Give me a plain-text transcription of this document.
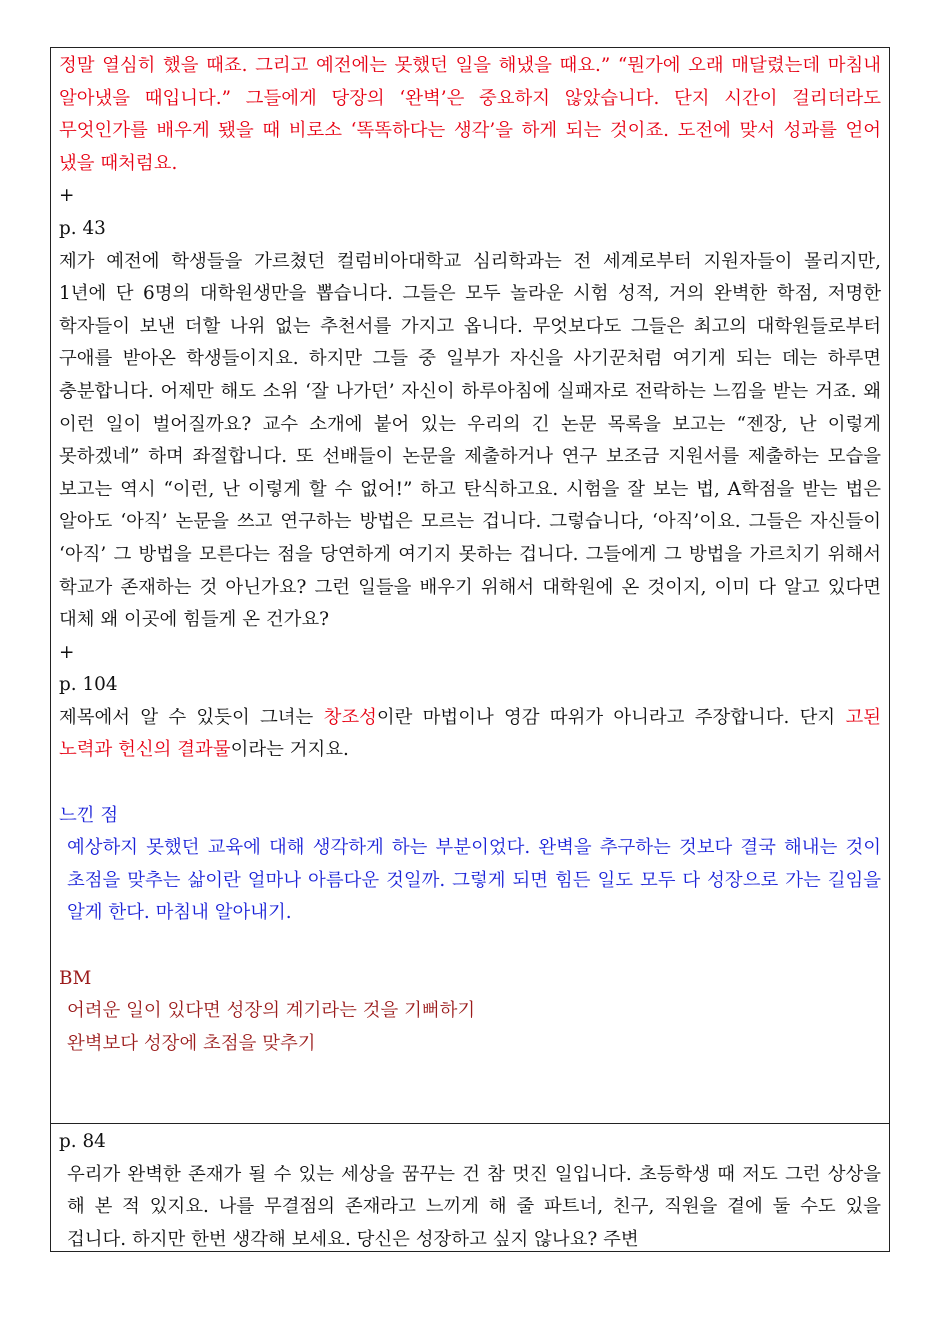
정말 열심히 했을 때죠. 그리고 예전에는 못했던 일을 해냈을 때요.” “뭔가에 오래 매달렸는데 마침내 알아냈을 때입니다.” 그들에게 당장의 ‘완벽’은 중요하지 않았습니다. 단지 시간이 걸리더라도 무엇인가를 배우게 됐을 때 비로소 ‘똑똑하다는 생각’을 하게 되는 것이죠. 도전에 맞서 성과를 얻어 냈을 때처럼요.

+
p. 43

제가 예전에 학생들을 가르쳤던 컬럼비아대학교 심리학과는 전 세계로부터 지원자들이 몰리지만, 1년에 단 6명의 대학원생만을 뽑습니다. 그들은 모두 놀라운 시험 성적, 거의 완벽한 학점, 저명한 학자들이 보낸 더할 나위 없는 추천서를 가지고 옵니다. 무엇보다도 그들은 최고의 대학원들로부터 구애를 받아온 학생들이지요. 하지만 그들 중 일부가 자신을 사기꾼처럼 여기게 되는 데는 하루면 충분합니다. 어제만 해도 소위 ‘잘 나가던’ 자신이 하루아침에 실패자로 전락하는 느낌을 받는 거죠. 왜 이런 일이 벌어질까요? 교수 소개에 붙어 있는 우리의 긴 논문 목록을 보고는 “젠장, 난 이렇게 못하겠네” 하며 좌절합니다. 또 선배들이 논문을 제출하거나 연구 보조금 지원서를 제출하는 모습을 보고는 역시 “이런, 난 이렇게 할 수 없어!” 하고 탄식하고요. 시험을 잘 보는 법, A학점을 받는 법은 알아도 ‘아직’ 논문을 쓰고 연구하는 방법은 모르는 겁니다. 그렇습니다, ‘아직’이요. 그들은 자신들이 ‘아직’ 그 방법을 모른다는 점을 당연하게 여기지 못하는 겁니다. 그들에게 그 방법을 가르치기 위해서 학교가 존재하는 것 아닌가요? 그런 일들을 배우기 위해서 대학원에 온 것이지, 이미 다 알고 있다면 대체 왜 이곳에 힘들게 온 건가요?

+
p. 104

제목에서 알 수 있듯이 그녀는 창조성이란 마법이나 영감 따위가 아니라고 주장합니다. 단지 고된 노력과 헌신의 결과물이라는 거지요.

느낀 점

예상하지 못했던 교육에 대해 생각하게 하는 부분이었다. 완벽을 추구하는 것보다 결국 해내는 것이 초점을 맞추는 삶이란 얼마나 아름다운 것일까. 그렇게 되면 힘든 일도 모두 다 성장으로 가는 길임을 알게 한다. 마침내 알아내기.

BM
어려운 일이 있다면 성장의 계기라는 것을 기뻐하기
완벽보다 성장에 초점을 맞추기
p. 84

우리가 완벽한 존재가 될 수 있는 세상을 꿈꾸는 건 참 멋진 일입니다. 초등학생 때 저도 그런 상상을 해 본 적 있지요. 나를 무결점의 존재라고 느끼게 해 줄 파트너, 친구, 직원을 곁에 둘 수도 있을 겁니다. 하지만 한번 생각해 보세요. 당신은 성장하고 싶지 않나요? 주변
